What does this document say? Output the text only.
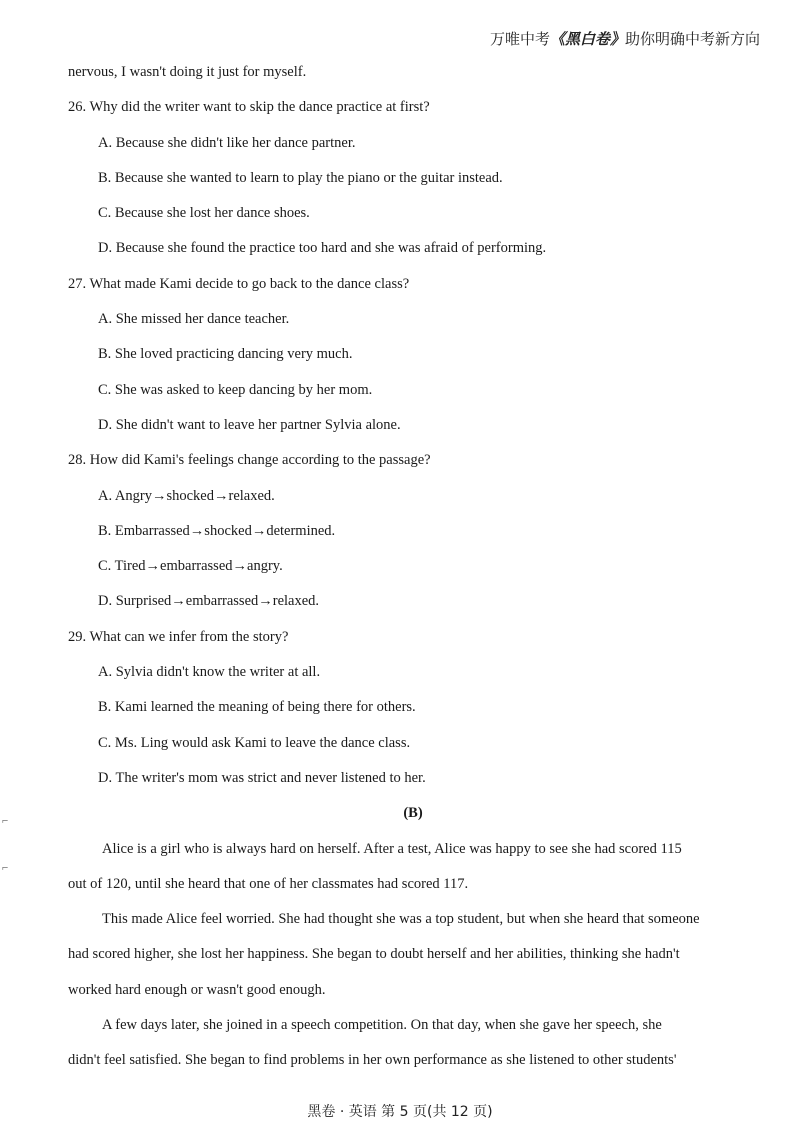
万唯中考《黑白卷》助你明确中考新方向
⌐
⌐
nervous, I wasn't doing it just for myself.
26. Why did the writer want to skip the dance practice at first?
A. Because she didn't like her dance partner.
B. Because she wanted to learn to play the piano or the guitar instead.
C. Because she lost her dance shoes.
D. Because she found the practice too hard and she was afraid of performing.
27. What made Kami decide to go back to the dance class?
A. She missed her dance teacher.
B. She loved practicing dancing very much.
C. She was asked to keep dancing by her mom.
D. She didn't want to leave her partner Sylvia alone.
28. How did Kami's feelings change according to the passage?
A. Angry→shocked→relaxed.
B. Embarrassed→shocked→determined.
C. Tired→embarrassed→angry.
D. Surprised→embarrassed→relaxed.
29. What can we infer from the story?
A. Sylvia didn't know the writer at all.
B. Kami learned the meaning of being there for others.
C. Ms. Ling would ask Kami to leave the dance class.
D. The writer's mom was strict and never listened to her.
(B)
Alice is a girl who is always hard on herself. After a test, Alice was happy to see she had scored 115
out of 120, until she heard that one of her classmates had scored 117.
This made Alice feel worried. She had thought she was a top student, but when she heard that someone
had scored higher, she lost her happiness. She began to doubt herself and her abilities, thinking she hadn't
worked hard enough or wasn't good enough.
A few days later, she joined in a speech competition. On that day, when she gave her speech, she
didn't feel satisfied. She began to find problems in her own performance as she listened to other students'
黑卷 · 英语 第 5 页(共 12 页)
